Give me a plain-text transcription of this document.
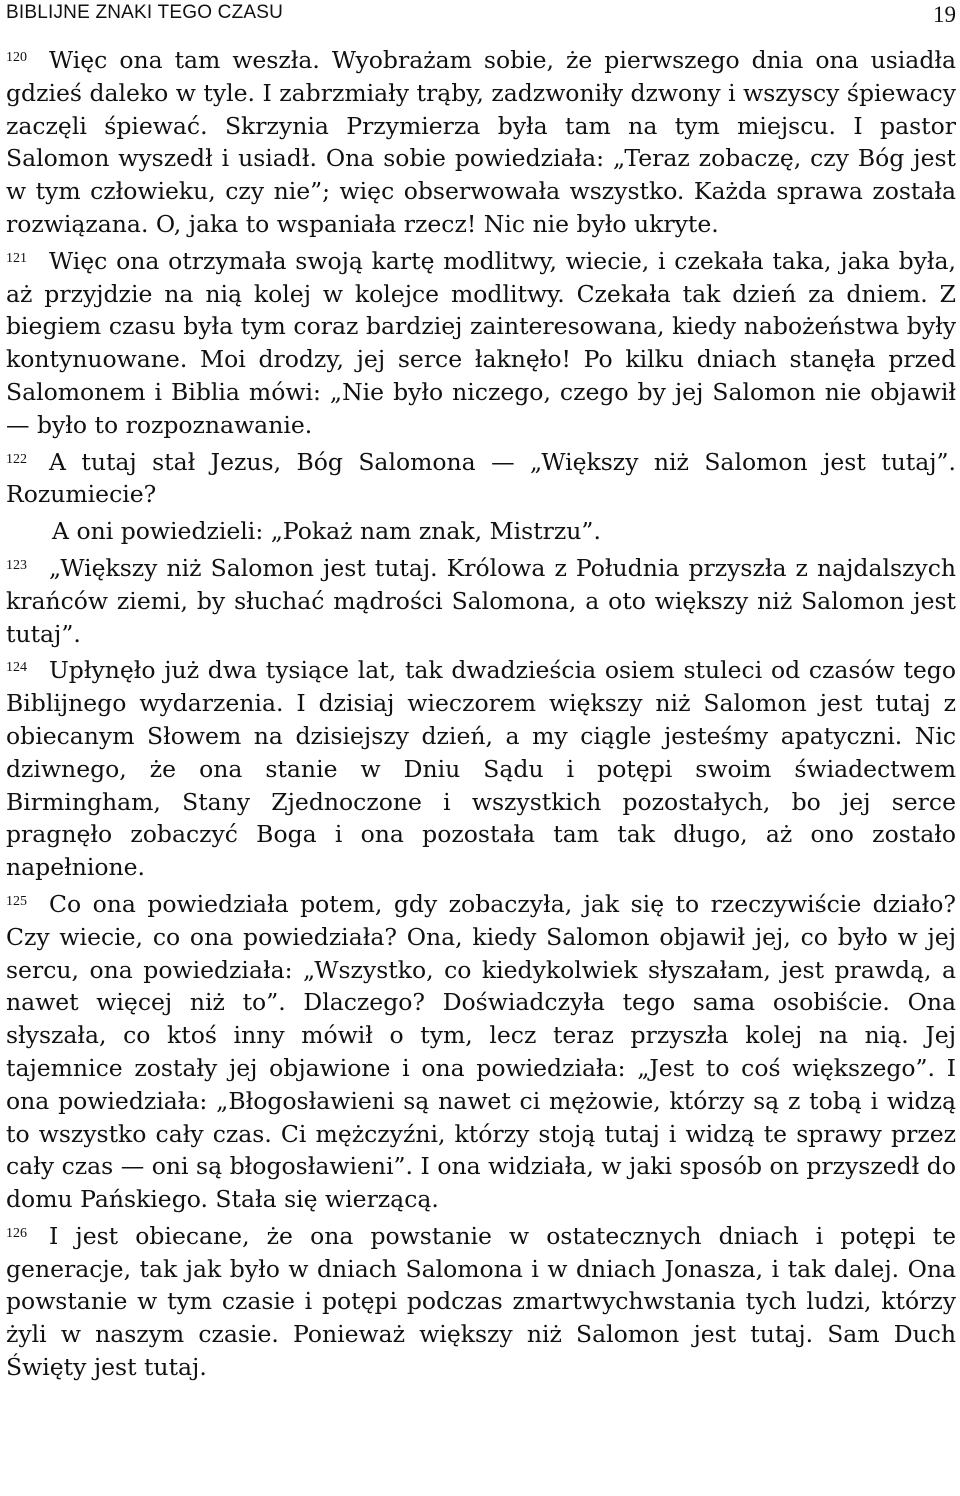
BIBLIJNE ZNAKI TEGO CZASU	19

$^{120}$ Więc ona tam weszła. Wyobrażam sobie, że pierwszego dnia ona usiadła gdzieś daleko w tyle. I zabrzmiały trąby, zadzwoniły dzwony i wszyscy śpiewacy zaczęli śpiewać. Skrzynia Przymierza była tam na tym miejscu. I pastor Salomon wyszedł i usiadł. Ona sobie powiedziała: „Teraz zobaczę, czy Bóg jest w tym człowieku, czy nie”; więc obserwowała wszystko. Każda sprawa została rozwiązana. O, jaka to wspaniała rzecz! Nic nie było ukryte.

$^{121}$ Więc ona otrzymała swoją kartę modlitwy, wiecie, i czekała taka, jaka była, aż przyjdzie na nią kolej w kolejce modlitwy. Czekała tak dzień za dniem. Z biegiem czasu była tym coraz bardziej zainteresowana, kiedy nabożeństwa były kontynuowane. Moi drodzy, jej serce łaknęło! Po kilku dniach stanęła przed Salomonem i Biblia mówi: „Nie było niczego, czego by jej Salomon nie objawił — było to rozpoznawanie.

$^{122}$ A tutaj stał Jezus, Bóg Salomona — „Większy niż Salomon jest tutaj”. Rozumiecie?

A oni powiedzieli: „Pokaż nam znak, Mistrzu”.

$^{123}$ „Większy niż Salomon jest tutaj. Królowa z Południa przyszła z najdalszych krańców ziemi, by słuchać mądrości Salomona, a oto większy niż Salomon jest tutaj”.

$^{124}$ Upłynęło już dwa tysiące lat, tak dwadzieścia osiem stuleci od czasów tego Biblijnego wydarzenia. I dzisiaj wieczorem większy niż Salomon jest tutaj z obiecanym Słowem na dzisiejszy dzień, a my ciągle jesteśmy apatyczni. Nic dziwnego, że ona stanie w Dniu Sądu i potępi swoim świadectwem Birmingham, Stany Zjednoczone i wszystkich pozostałych, bo jej serce pragnęło zobaczyć Boga i ona pozostała tam tak długo, aż ono zostało napełnione.

$^{125}$ Co ona powiedziała potem, gdy zobaczyła, jak się to rzeczywiście działo? Czy wiecie, co ona powiedziała? Ona, kiedy Salomon objawił jej, co było w jej sercu, ona powiedziała: „Wszystko, co kiedykolwiek słyszałam, jest prawdą, a nawet więcej niż to”. Dlaczego? Doświadczyła tego sama osobiście. Ona słyszała, co ktoś inny mówił o tym, lecz teraz przyszła kolej na nią. Jej tajemnice zostały jej objawione i ona powiedziała: „Jest to coś większego”. I ona powiedziała: „Błogosławieni są nawet ci mężowie, którzy są z tobą i widzą to wszystko cały czas. Ci mężczyźni, którzy stoją tutaj i widzą te sprawy przez cały czas — oni są błogosławieni”. I ona widziała, w jaki sposób on przyszedł do domu Pańskiego. Stała się wierzącą.

$^{126}$ I jest obiecane, że ona powstanie w ostatecznych dniach i potępi te generacje, tak jak było w dniach Salomona i w dniach Jonasza, i tak dalej. Ona powstanie w tym czasie i potępi podczas zmartwychwstania tych ludzi, którzy żyli w naszym czasie. Ponieważ większy niż Salomon jest tutaj. Sam Duch Święty jest tutaj.
